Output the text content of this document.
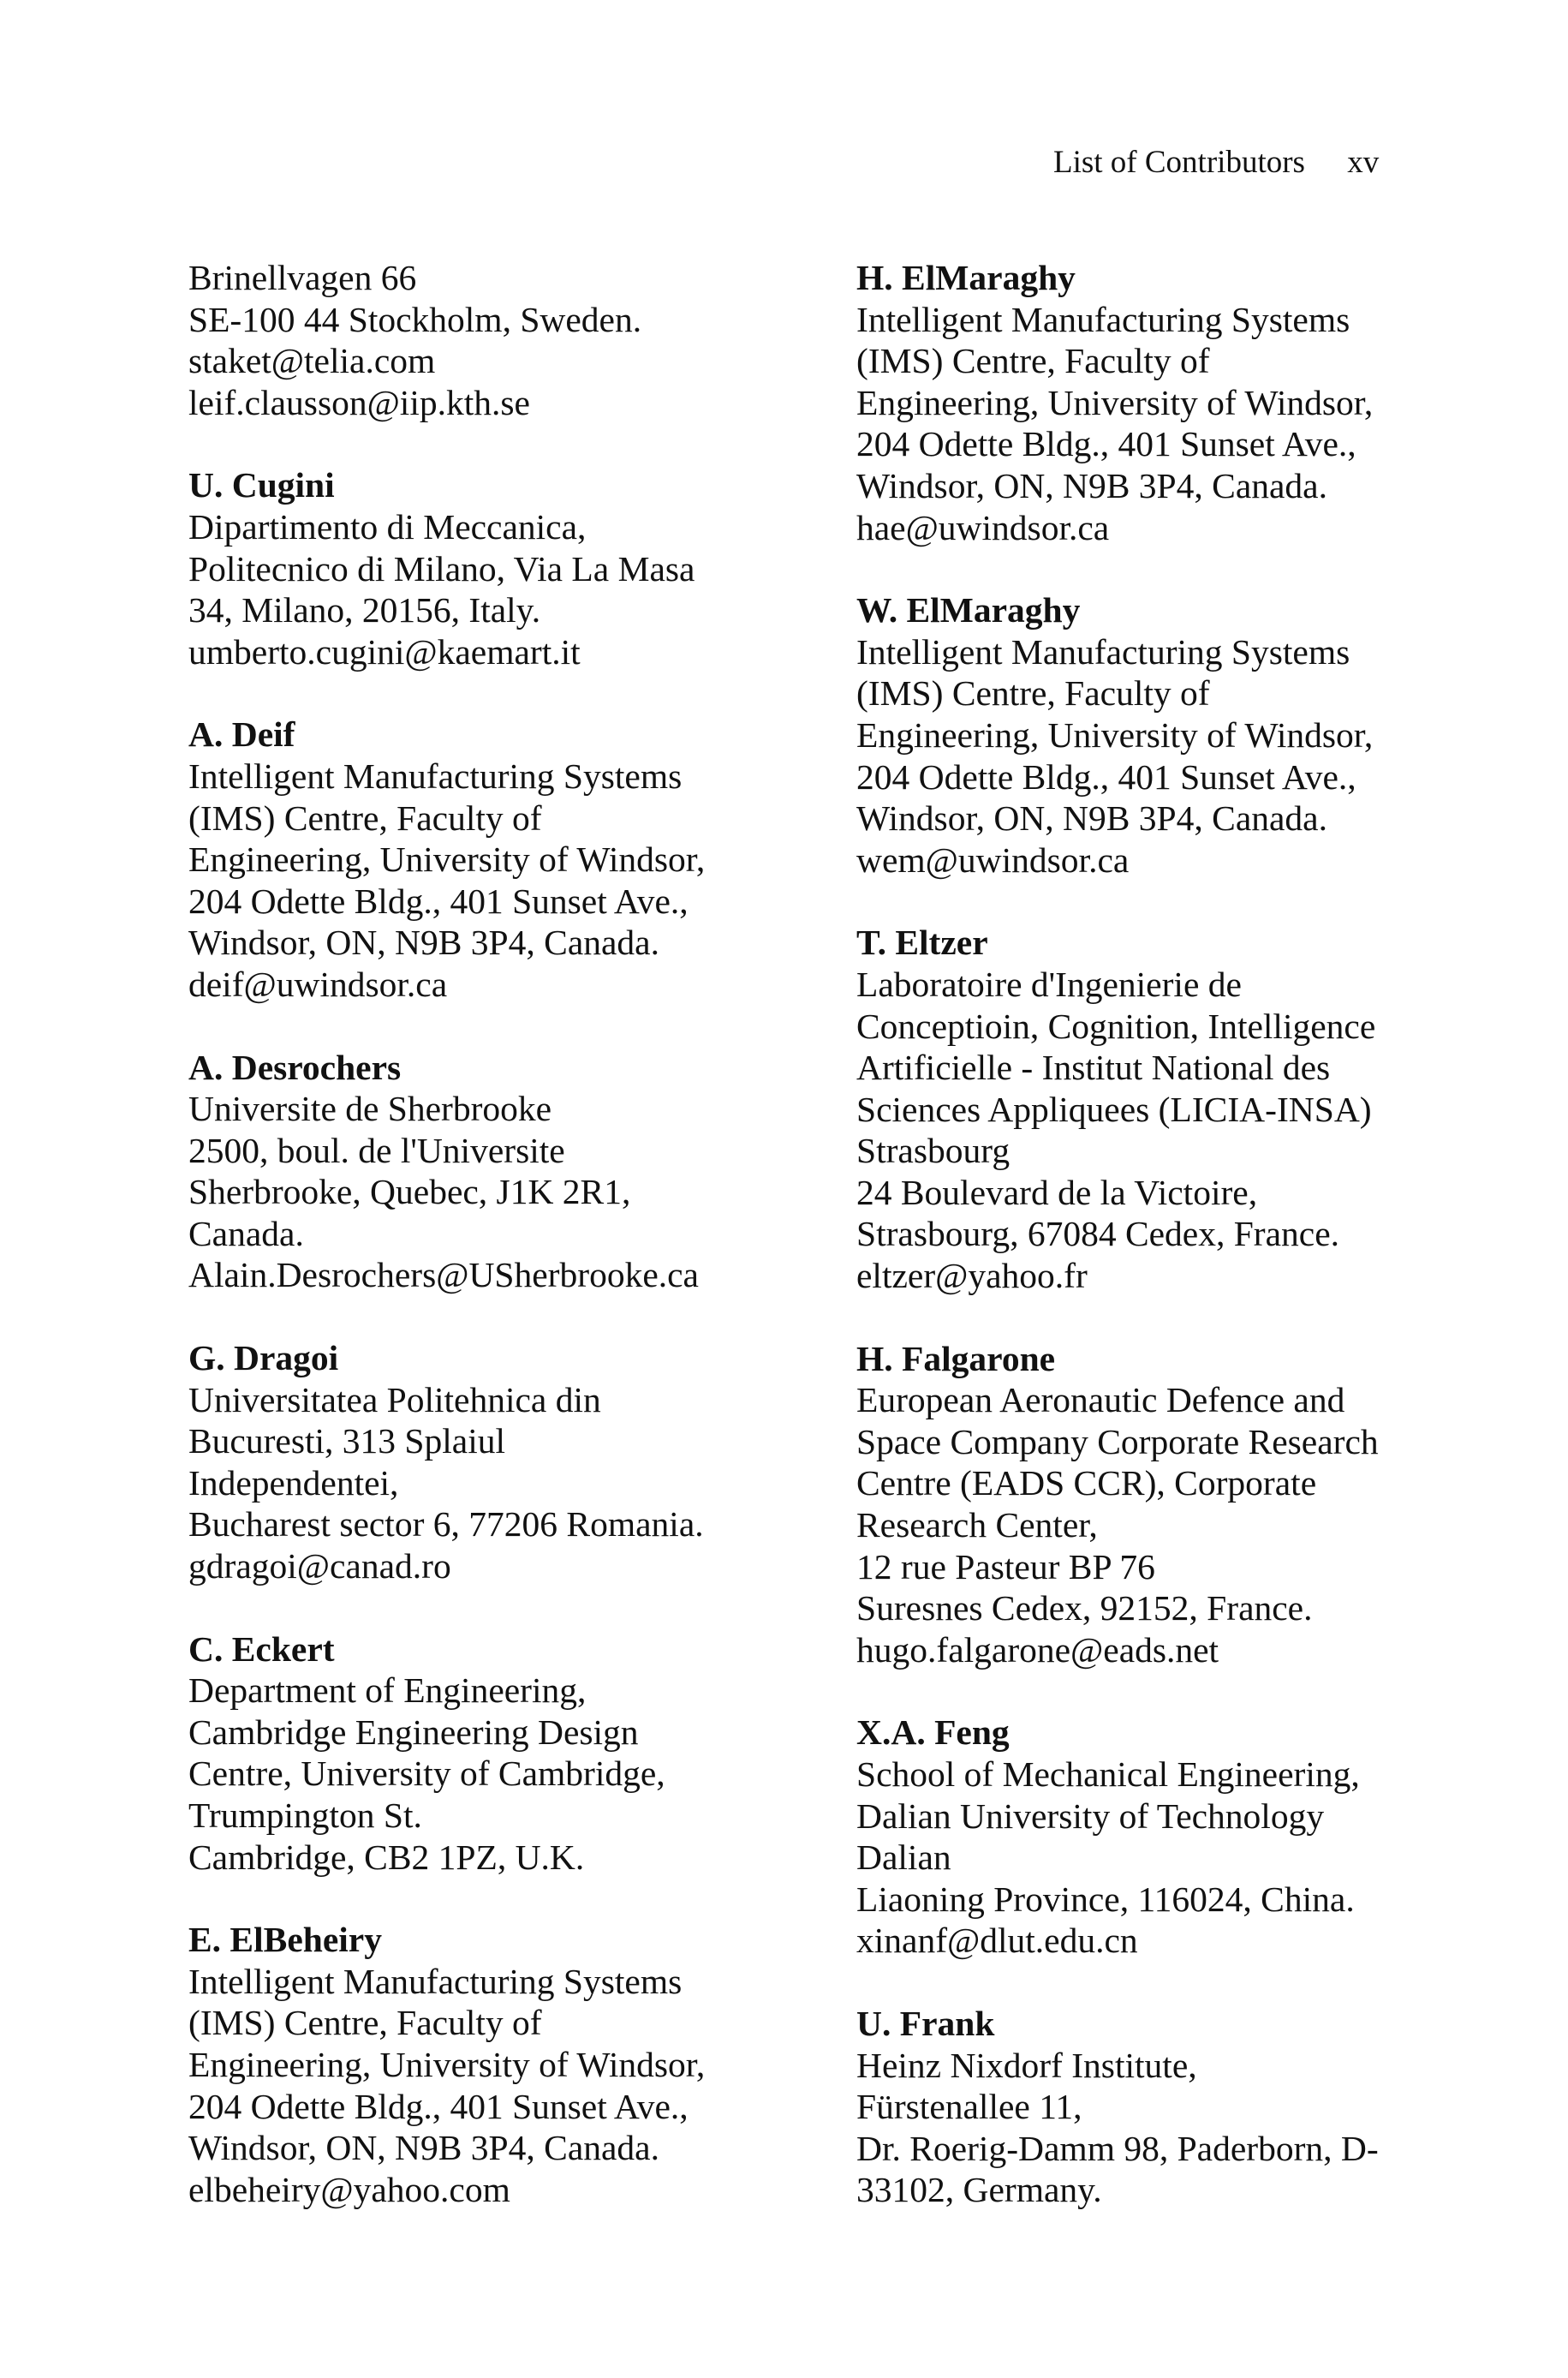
List of Contributors xv
Brinellvagen 66
SE-100 44 Stockholm, Sweden.
staket@telia.com
leif.clausson@iip.kth.se
U. Cugini
Dipartimento di Meccanica,
Politecnico di Milano, Via La Masa
34, Milano, 20156, Italy.
umberto.cugini@kaemart.it
A. Deif
Intelligent Manufacturing Systems
(IMS) Centre, Faculty of
Engineering, University of Windsor,
204 Odette Bldg., 401 Sunset Ave.,
Windsor, ON, N9B 3P4, Canada.
deif@uwindsor.ca
A. Desrochers
Universite de Sherbrooke
2500, boul. de l'Universite
Sherbrooke, Quebec, J1K 2R1,
Canada.
Alain.Desrochers@USherbrooke.ca
G. Dragoi
Universitatea Politehnica din
Bucuresti, 313 Splaiul
Independentei,
Bucharest sector 6, 77206 Romania.
gdragoi@canad.ro
C. Eckert
Department of Engineering,
Cambridge Engineering Design
Centre, University of Cambridge,
Trumpington St.
Cambridge, CB2 1PZ, U.K.
E. ElBeheiry
Intelligent Manufacturing Systems
(IMS) Centre, Faculty of
Engineering, University of Windsor,
204 Odette Bldg., 401 Sunset Ave.,
Windsor, ON, N9B 3P4, Canada.
elbeheiry@yahoo.com
H. ElMaraghy
Intelligent Manufacturing Systems
(IMS) Centre, Faculty of
Engineering, University of Windsor,
204 Odette Bldg., 401 Sunset Ave.,
Windsor, ON, N9B 3P4, Canada.
hae@uwindsor.ca
W. ElMaraghy
Intelligent Manufacturing Systems
(IMS) Centre, Faculty of
Engineering, University of Windsor,
204 Odette Bldg., 401 Sunset Ave.,
Windsor, ON, N9B 3P4, Canada.
wem@uwindsor.ca
T. Eltzer
Laboratoire d'Ingenierie de
Conceptioin, Cognition, Intelligence
Artificielle - Institut National des
Sciences Appliquees (LICIA-INSA)
Strasbourg
24 Boulevard de la Victoire,
Strasbourg, 67084 Cedex, France.
eltzer@yahoo.fr
H. Falgarone
European Aeronautic Defence and
Space Company Corporate Research
Centre (EADS CCR), Corporate
Research Center,
12 rue Pasteur BP 76
Suresnes Cedex, 92152, France.
hugo.falgarone@eads.net
X.A. Feng
School of Mechanical Engineering,
Dalian University of Technology
Dalian
Liaoning Province, 116024, China.
xinanf@dlut.edu.cn
U. Frank
Heinz Nixdorf Institute,
Fürstenallee 11,
Dr. Roerig-Damm 98, Paderborn, D-
33102, Germany.
